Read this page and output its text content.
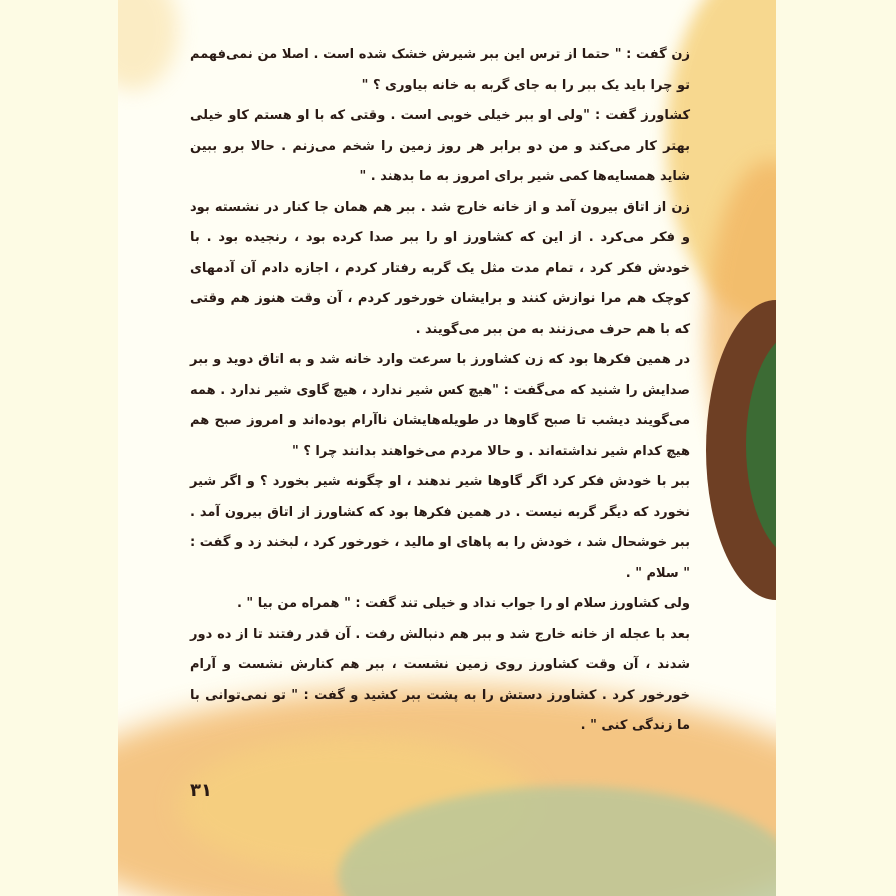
زن گفت : " حتما از ترس این ببر شیرش خشک شده است . اصلا من نمی‌فهمم تو چرا باید یک ببر را به جای گربه به خانه بیاوری ؟ "

کشاورز گفت : "ولی او ببر خیلی خوبی است . وقتی که با او هستم کاو خیلی بهتر کار می‌کند و من دو برابر هر روز زمین را شخم می‌زنم . حالا برو ببین شاید همسایه‌ها کمی شیر برای امروز به ما بدهند . "

زن از اتاق بیرون آمد و از خانه خارج شد . ببر هم همان جا کنار در نشسته بود و فکر می‌کرد . از این که کشاورز او را ببر صدا کرده بود ، رنجیده بود . با خودش فکر کرد ، تمام مدت مثل یک گربه رفتار کردم ، اجازه دادم آن آدمهای کوچک هم مرا نوازش کنند و برایشان خورخور کردم ، آن وقت هنوز هم وقتی که با هم حرف می‌زنند به من ببر می‌گویند .

در همین فکرها بود که زن کشاورز با سرعت وارد خانه شد و به اتاق دوید و ببر صدایش را شنید که می‌گفت : "هیچ کس شیر ندارد ، هیچ گاوی شیر ندارد . همه می‌گویند دیشب تا صبح گاوها در طویله‌هایشان ناآرام بوده‌اند و امروز صبح هم هیچ کدام شیر نداشته‌اند . و حالا مردم می‌خواهند بدانند چرا ؟ "

ببر با خودش فکر کرد اگر گاوها شیر ندهند ، او چگونه شیر بخورد ؟ و اگر شیر نخورد که دیگر گربه نیست . در همین فکرها بود که کشاورز از اتاق بیرون آمد . ببر خوشحال شد ، خودش را به پاهای او مالید ، خورخور کرد ، لبخند زد و گفت : " سلام " .

ولی کشاورز سلام او را جواب نداد و خیلی تند گفت : " همراه من بیا " .

بعد با عجله از خانه خارج شد و ببر هم دنبالش رفت . آن قدر رفتند تا از ده دور شدند ، آن وقت کشاورز روی زمین نشست ، ببر هم کنارش نشست و آرام خورخور کرد . کشاورز دستش را به پشت ببر کشید و گفت : " تو نمی‌توانی با ما زندگی کنی " .

۳۱
